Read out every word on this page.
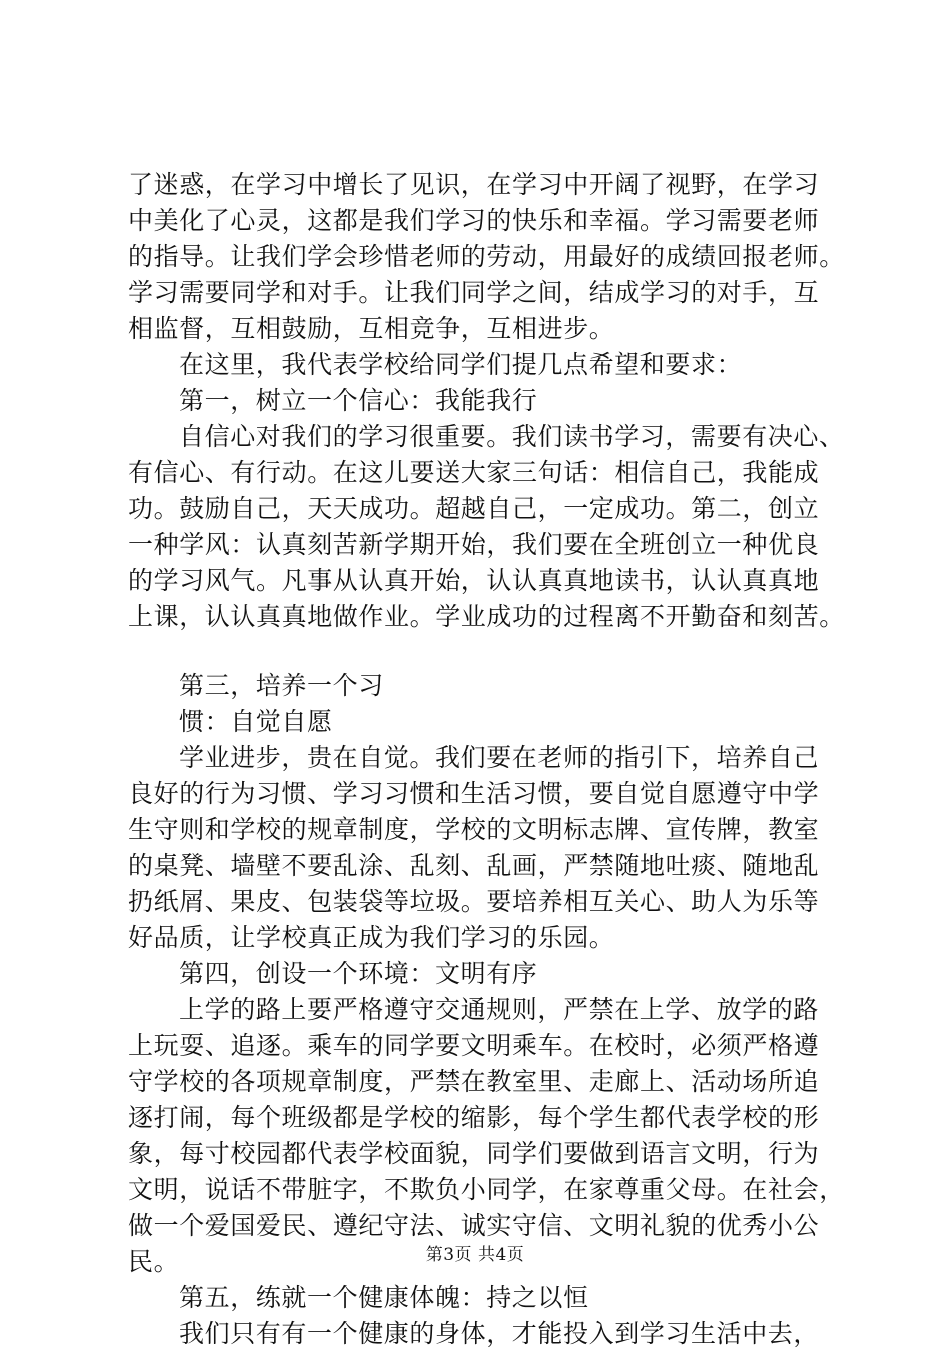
了迷惑，在学习中增长了见识，在学习中开阔了视野，在学习
中美化了心灵，这都是我们学习的快乐和幸福。学习需要老师
的指导。让我们学会珍惜老师的劳动，用最好的成绩回报老师。
学习需要同学和对手。让我们同学之间，结成学习的对手，互
相监督，互相鼓励，互相竞争，互相进步。
在这里，我代表学校给同学们提几点希望和要求：
第一，树立一个信心：我能我行
自信心对我们的学习很重要。我们读书学习，需要有决心、
有信心、有行动。在这儿要送大家三句话：相信自己，我能成
功。鼓励自己，天天成功。超越自己，一定成功。第二，创立
一种学风：认真刻苦新学期开始，我们要在全班创立一种优良
的学习风气。凡事从认真开始，认认真真地读书，认认真真地
上课，认认真真地做作业。学业成功的过程离不开勤奋和刻苦。
第三，培养一个习
惯：自觉自愿
学业进步，贵在自觉。我们要在老师的指引下，培养自己
良好的行为习惯、学习习惯和生活习惯，要自觉自愿遵守中学
生守则和学校的规章制度，学校的文明标志牌、宣传牌，教室
的桌凳、墙壁不要乱涂、乱刻、乱画，严禁随地吐痰、随地乱
扔纸屑、果皮、包装袋等垃圾。要培养相互关心、助人为乐等
好品质，让学校真正成为我们学习的乐园。
第四，创设一个环境：文明有序
上学的路上要严格遵守交通规则，严禁在上学、放学的路
上玩耍、追逐。乘车的同学要文明乘车。在校时，必须严格遵
守学校的各项规章制度，严禁在教室里、走廊上、活动场所追
逐打闹，每个班级都是学校的缩影，每个学生都代表学校的形
象，每寸校园都代表学校面貌，同学们要做到语言文明，行为
文明，说话不带脏字，不欺负小同学，在家尊重父母。在社会，
做一个爱国爱民、遵纪守法、诚实守信、文明礼貌的优秀小公
民。
第五，练就一个健康体魄：持之以恒
我们只有有一个健康的身体，才能投入到学习生活中去，
第3页 共4页
